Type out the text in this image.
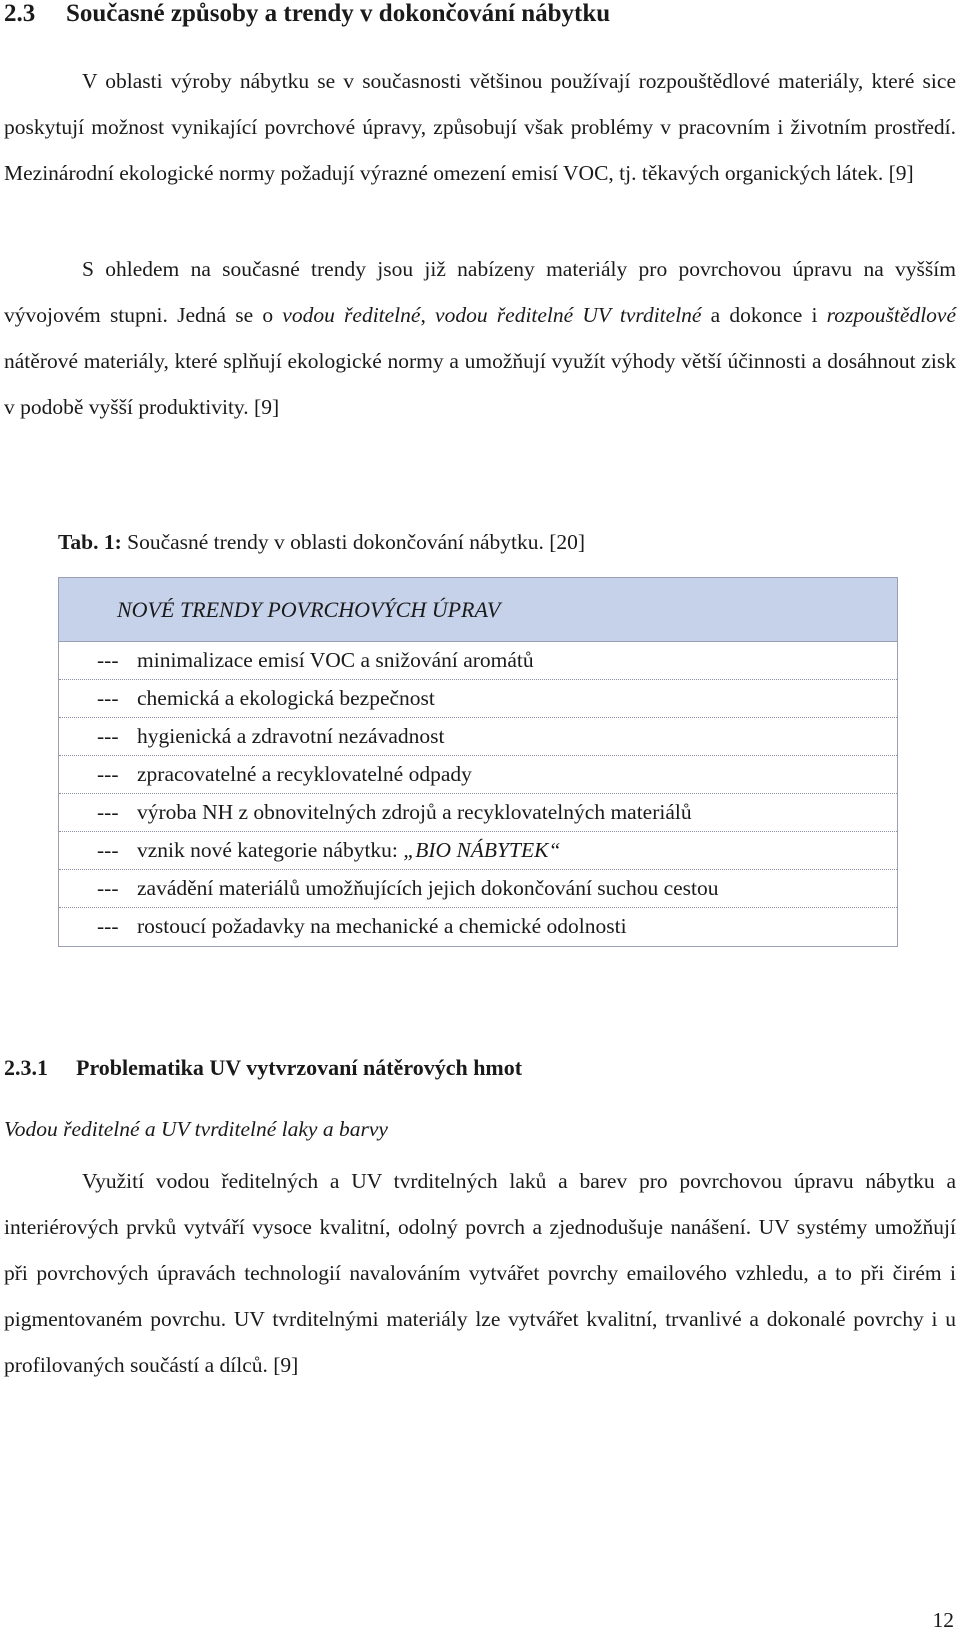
2.3 Současné způsoby a trendy v dokončování nábytku
V oblasti výroby nábytku se v současnosti většinou používají rozpouštědlové materiály, které sice poskytují možnost vynikající povrchové úpravy, způsobují však problémy v pracovním i životním prostředí. Mezinárodní ekologické normy požadují výrazné omezení emisí VOC, tj. těkavých organických látek. [9]
S ohledem na současné trendy jsou již nabízeny materiály pro povrchovou úpravu na vyšším vývojovém stupni. Jedná se o vodou ředitelné, vodou ředitelné UV tvrditelné a dokonce i rozpouštědlové nátěrové materiály, které splňují ekologické normy a umožňují využít výhody větší účinnosti a dosáhnout zisk v podobě vyšší produktivity. [9]
Tab. 1: Současné trendy v oblasti dokončování nábytku. [20]
NOVÉ TRENDY POVRCHOVÝCH ÚPRAV
--- minimalizace emisí VOC a snižování aromátů
--- chemická a ekologická bezpečnost
--- hygienická a zdravotní nezávadnost
--- zpracovatelné a recyklovatelné odpady
--- výroba NH z obnovitelných zdrojů a recyklovatelných materiálů
--- vznik nové kategorie nábytku: „BIO NÁBYTEK“
--- zavádění materiálů umožňujících jejich dokončování suchou cestou
--- rostoucí požadavky na mechanické a chemické odolnosti
2.3.1 Problematika UV vytvrzovaní nátěrových hmot
Vodou ředitelné a UV tvrditelné laky a barvy
Využití vodou ředitelných a UV tvrditelných laků a barev pro povrchovou úpravu nábytku a interiérových prvků vytváří vysoce kvalitní, odolný povrch a zjednodušuje nanášení. UV systémy umožňují při povrchových úpravách technologií navalováním vytvářet povrchy emailového vzhledu, a to při čirém i pigmentovaném povrchu. UV tvrditelnými materiály lze vytvářet kvalitní, trvanlivé a dokonalé povrchy i u profilovaných součástí a dílců. [9]
12
